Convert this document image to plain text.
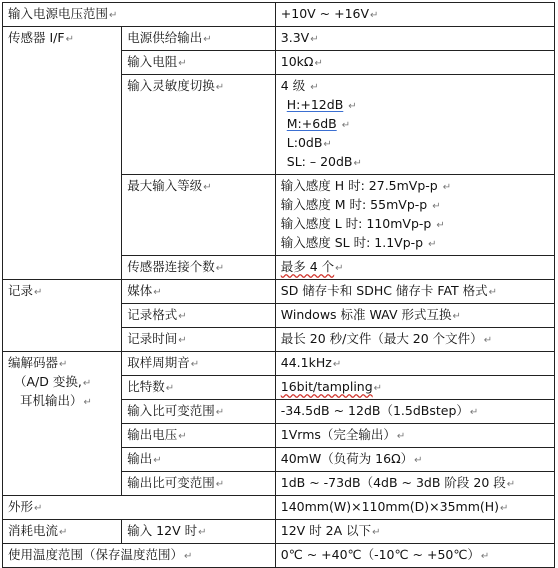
输入电源电压范围↵		+10V ~ +16V↵
传感器 I/F↵	电源供给输出↵	3.3V↵
	输入电阻↵	10kΩ↵
	输入灵敏度切换↵	4 级 ↵
H:+12dB ↵
M:+6dB ↵
L:0dB↵
SL: – 20dB↵

	最大输入等级↵	输入感度 H 时: 27.5mVp-p ↵
输入感度 M 时: 55mVp-p ↵
输入感度 L 时: 110mVp-p ↵
输入感度 SL 时: 1.1Vp-p ↵

	传感器连接个数↵	最多 4 个↵
记录↵	媒体↵	SD 储存卡和 SDHC 储存卡 FAT 格式↵
	记录格式↵	Windows 标准 WAV 形式互换↵
	记录时间↵	最长 20 秒/文件（最大 20 个文件）↵

编解码器↵
（A/D 变换,↵
耳机输出）↵	取样周期音↵	44.1kHz↵
	比特数↵	16bit/tampling↵
	输入比可变范围↵	-34.5dB ~ 12dB（1.5dBstep）↵
	输出电压↵	1Vrms（完全输出）↵
	输出↵	40mW（负荷为 16Ω）↵
	输出比可变范围↵	1dB ~ -73dB（4dB ~ 3dB 阶段 20 段↵
外形↵		140mm(W)×110mm(D)×35mm(H)↵
消耗电流↵	输入 12V 时↵	12V 时 2A 以下↵
使用温度范围（保存温度范围）↵		0℃ ~ +40℃（-10℃ ~ +50℃）↵
